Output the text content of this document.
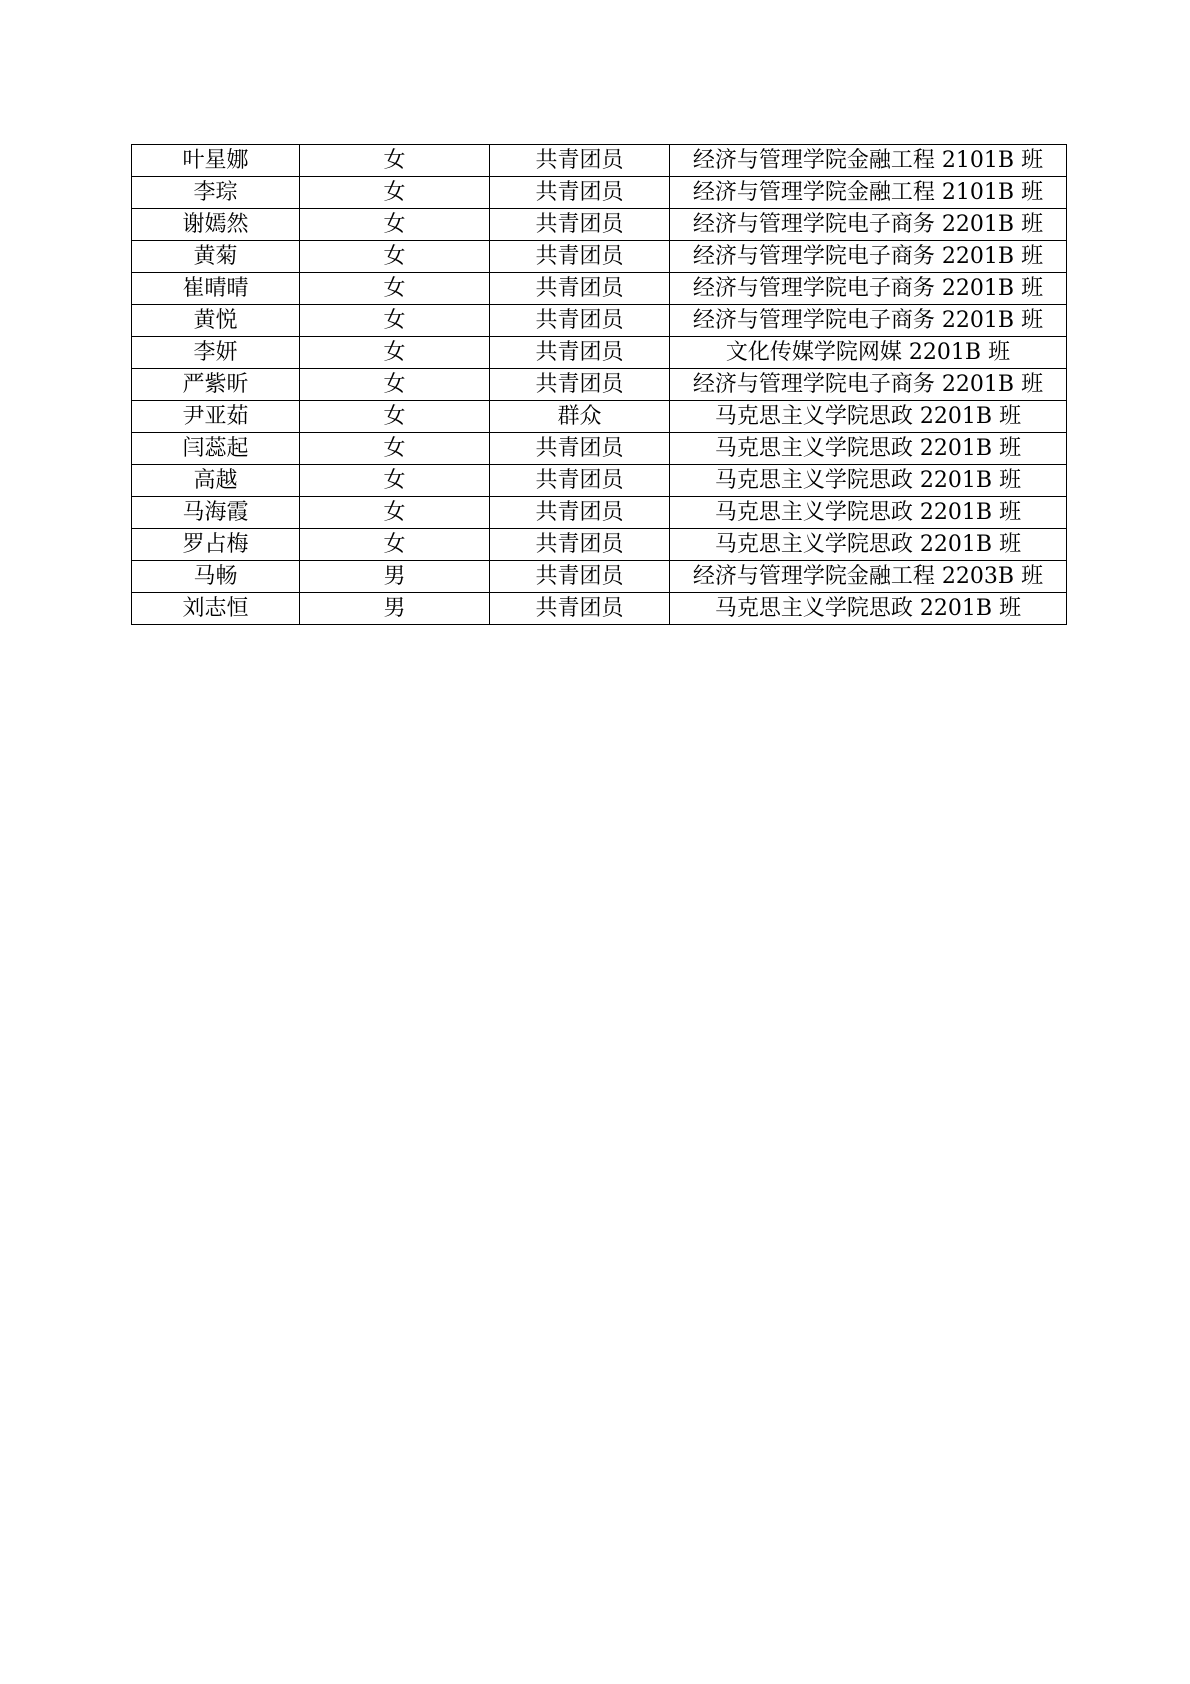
叶星娜	女	共青团员	经济与管理学院金融工程 2101B 班
李琮	女	共青团员	经济与管理学院金融工程 2101B 班
谢嫣然	女	共青团员	经济与管理学院电子商务 2201B 班
黄菊	女	共青团员	经济与管理学院电子商务 2201B 班
崔晴晴	女	共青团员	经济与管理学院电子商务 2201B 班
黄悦	女	共青团员	经济与管理学院电子商务 2201B 班
李妍	女	共青团员	文化传媒学院网媒 2201B 班
严紫昕	女	共青团员	经济与管理学院电子商务 2201B 班
尹亚茹	女	群众	马克思主义学院思政 2201B 班
闫蕊起	女	共青团员	马克思主义学院思政 2201B 班
高越	女	共青团员	马克思主义学院思政 2201B 班
马海霞	女	共青团员	马克思主义学院思政 2201B 班
罗占梅	女	共青团员	马克思主义学院思政 2201B 班
马畅	男	共青团员	经济与管理学院金融工程 2203B 班
刘志恒	男	共青团员	马克思主义学院思政 2201B 班
